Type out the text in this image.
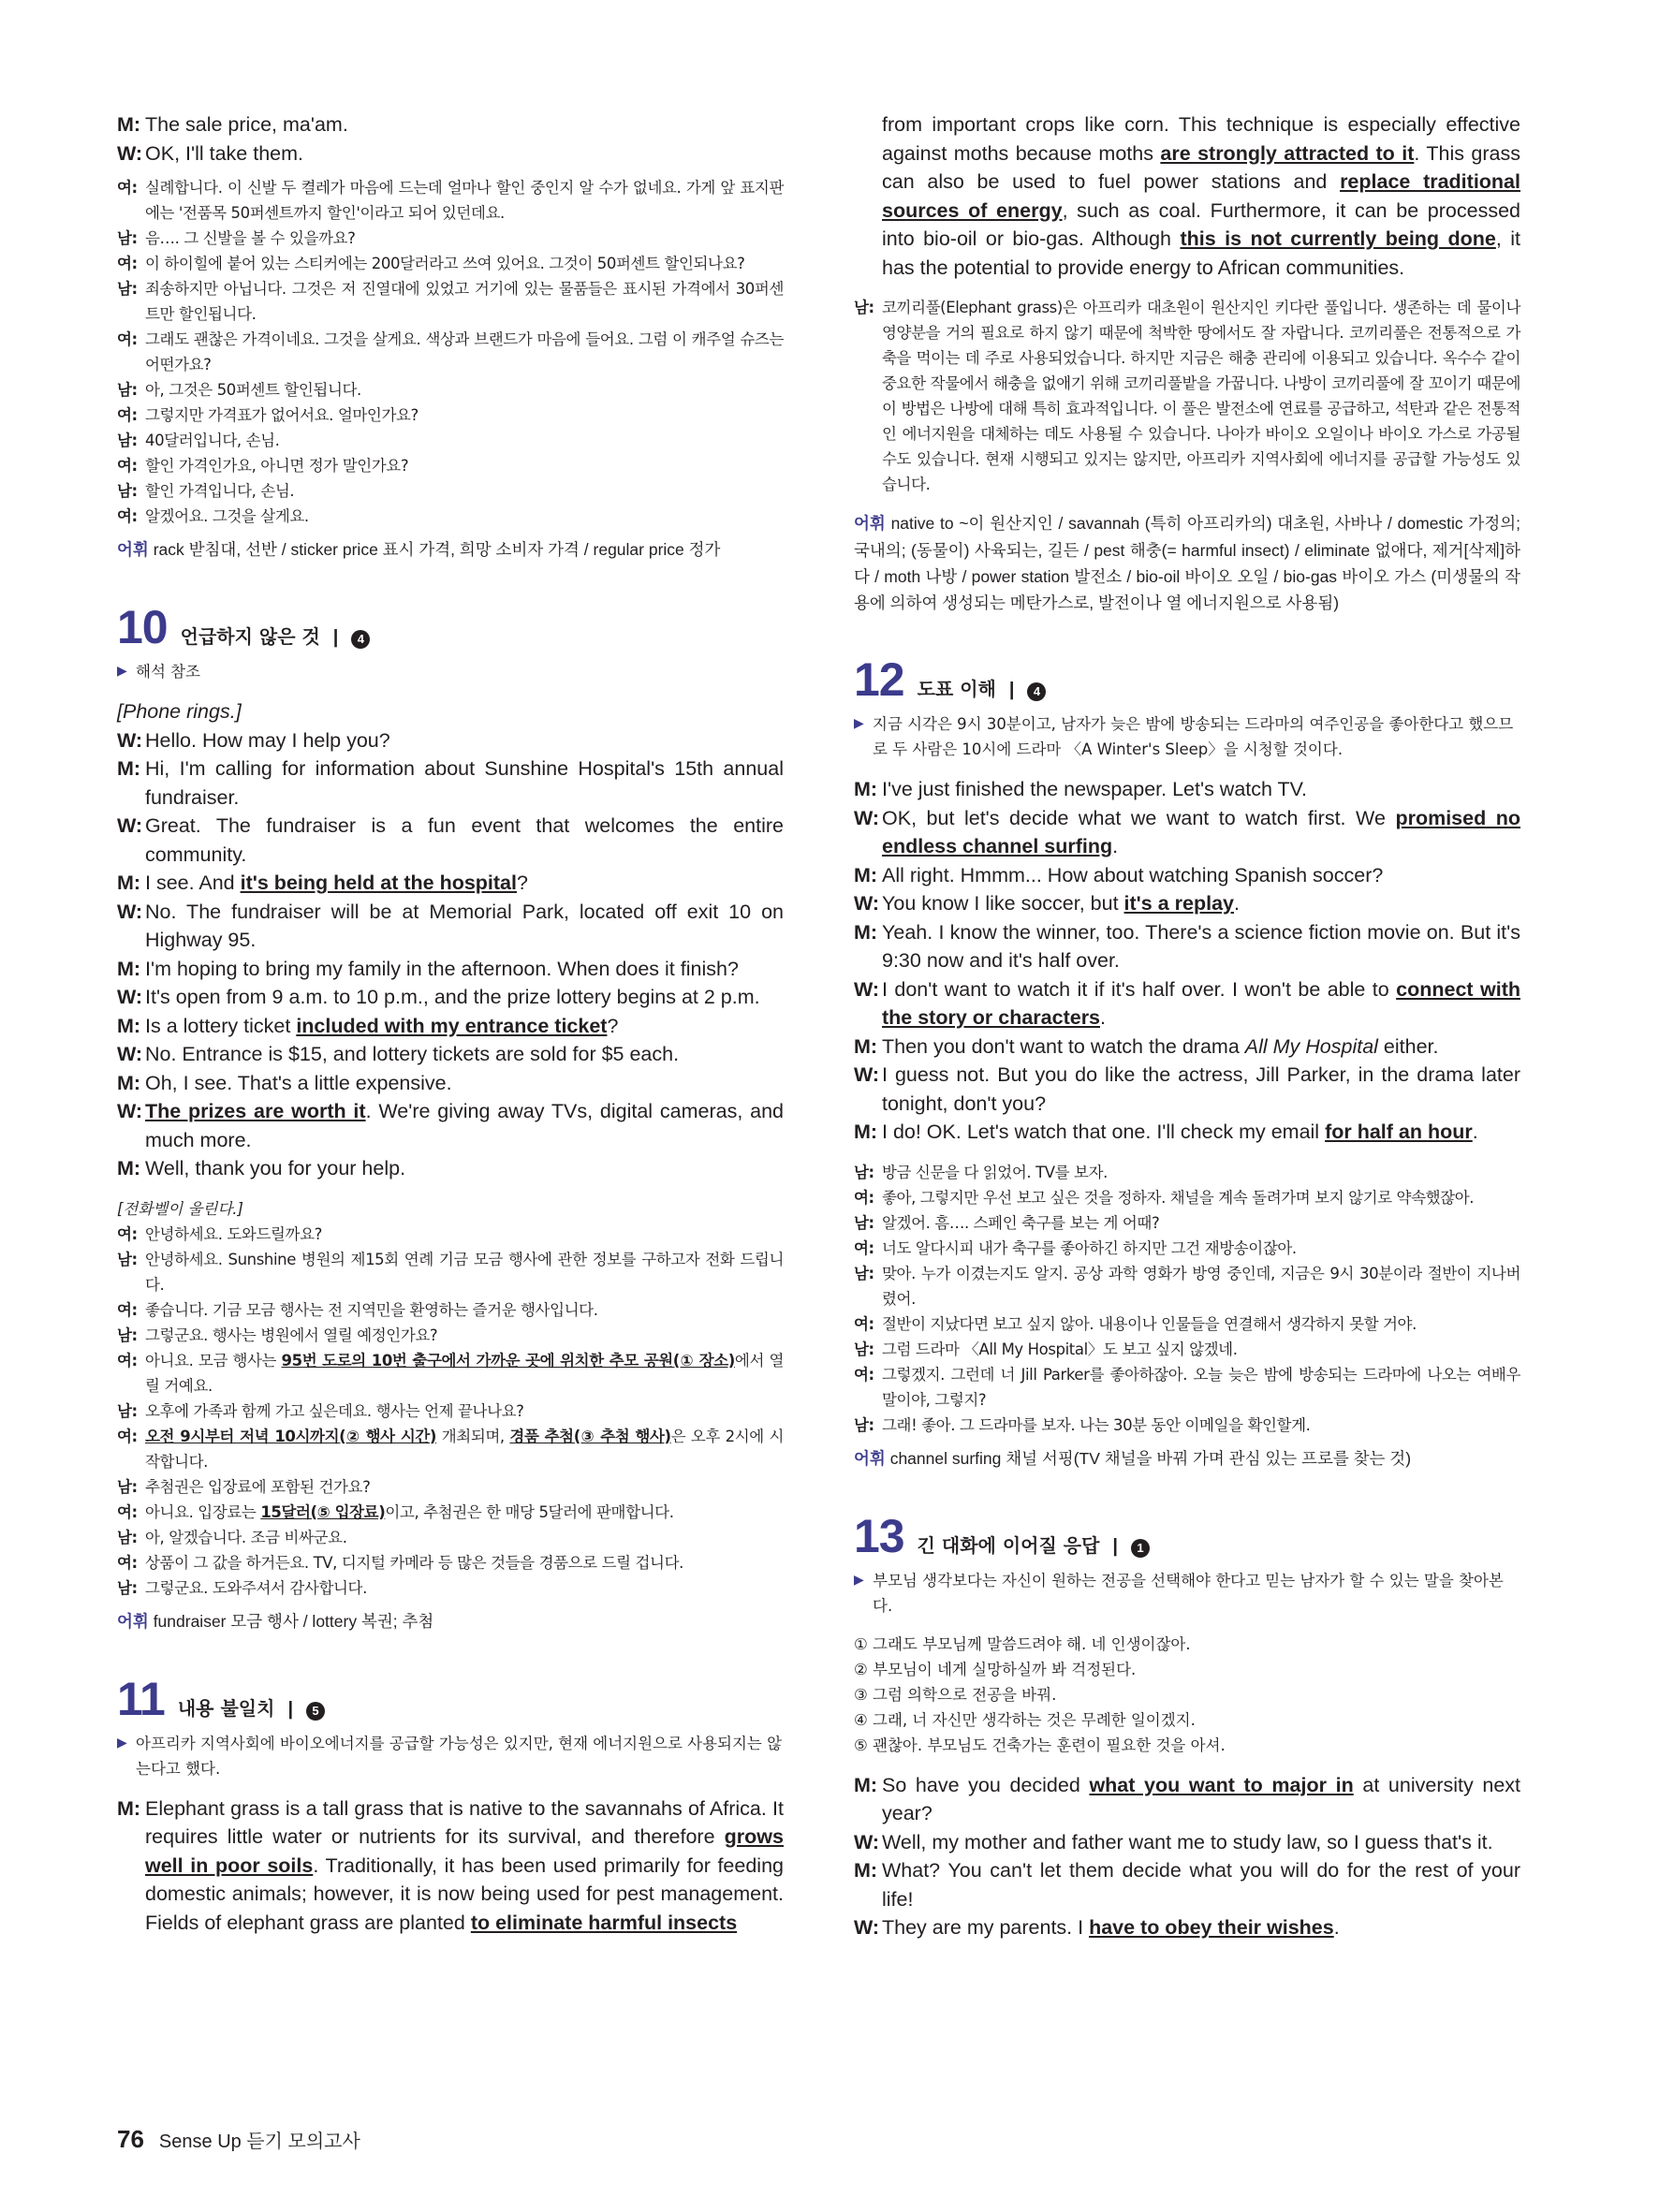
M: The sale price, ma'am.
W: OK, I'll take them.
여: 실례합니다. 이 신발 두 켤레가 마음에 드는데 얼마나 할인 중인지 알 수가 없네요. 가게 앞 표지판에는 '전품목 50퍼센트까지 할인'이라고 되어 있던데요.
남: 음…. 그 신발을 볼 수 있을까요?
여: 이 하이힐에 붙어 있는 스티커에는 200달러라고 쓰여 있어요. 그것이 50퍼센트 할인되나요?
남: 죄송하지만 아닙니다. 그것은 저 진열대에 있었고 거기에 있는 물품들은 표시된 가격에서 30퍼센트만 할인됩니다.
여: 그래도 괜찮은 가격이네요. 그것을 살게요. 색상과 브랜드가 마음에 들어요. 그럼 이 캐주얼 슈즈는 어떤가요?
남: 아, 그것은 50퍼센트 할인됩니다.
여: 그렇지만 가격표가 없어서요. 얼마인가요?
남: 40달러입니다, 손님.
여: 할인 가격인가요, 아니면 정가 말인가요?
남: 할인 가격입니다, 손님.
여: 알겠어요. 그것을 살게요.
어휘 rack 받침대, 선반 / sticker price 표시 가격, 희망 소비자 가격 / regular price 정가
10 언급하지 않은 것 |	4
▶ 해석 참조
[Phone rings.]
W: Hello. How may I help you?
M: Hi, I'm calling for information about Sunshine Hospital's 15th annual fundraiser.
W: Great. The fundraiser is a fun event that welcomes the entire community.
M: I see. And it's being held at the hospital?
W: No. The fundraiser will be at Memorial Park, located off exit 10 on Highway 95.
M: I'm hoping to bring my family in the afternoon. When does it finish?
W: It's open from 9 a.m. to 10 p.m., and the prize lottery begins at 2 p.m.
M: Is a lottery ticket included with my entrance ticket?
W: No. Entrance is $15, and lottery tickets are sold for $5 each.
M: Oh, I see. That's a little expensive.
W: The prizes are worth it. We're giving away TVs, digital cameras, and much more.
M: Well, thank you for your help.
[전화벨이 울린다.]
여: 안녕하세요. 도와드릴까요?
남: 안녕하세요. Sunshine 병원의 제15회 연례 기금 모금 행사에 관한 정보를 구하고자 전화 드립니다.
여: 좋습니다. 기금 모금 행사는 전 지역민을 환영하는 즐거운 행사입니다.
남: 그렇군요. 행사는 병원에서 열릴 예정인가요?
여: 아니요. 모금 행사는 95번 도로의 10번 출구에서 가까운 곳에 위치한 추모 공원(① 장소)에서 열릴 거예요.
남: 오후에 가족과 함께 가고 싶은데요. 행사는 언제 끝나나요?
여: 오전 9시부터 저녁 10시까지(② 행사 시간) 개최되며, 경품 추첨(③ 추첨 행사)은 오후 2시에 시작합니다.
남: 추첨권은 입장료에 포함된 건가요?
여: 아니요. 입장료는 15달러(⑤ 입장료)이고, 추첨권은 한 매당 5달러에 판매합니다.
남: 아, 알겠습니다. 조금 비싸군요.
여: 상품이 그 값을 하거든요. TV, 디지털 카메라 등 많은 것들을 경품으로 드릴 겁니다.
남: 그렇군요. 도와주셔서 감사합니다.
어휘 fundraiser 모금 행사 / lottery 복권; 추첨
11 내용 불일치 |	5
▶ 아프리카 지역사회에 바이오에너지를 공급할 가능성은 있지만, 현재 에너지원으로 사용되지는 않는다고 했다.
M: Elephant grass is a tall grass that is native to the savannahs of Africa. It requires little water or nutrients for its survival, and therefore grows well in poor soils. Traditionally, it has been used primarily for feeding domestic animals; however, it is now being used for pest management. Fields of elephant grass are planted to eliminate harmful insects
from important crops like corn. This technique is especially effective against moths because moths are strongly attracted to it. This grass can also be used to fuel power stations and replace traditional sources of energy, such as coal. Furthermore, it can be processed into bio-oil or bio-gas. Although this is not currently being done, it has the potential to provide energy to African communities.
남: 코끼리풀(Elephant grass)은 아프리카 대초원이 원산지인 키다란 풀입니다. 생존하는 데 물이나 영양분을 거의 필요로 하지 않기 때문에 척박한 땅에서도 잘 자랍니다. 코끼리풀은 전통적으로 가축을 먹이는 데 주로 사용되었습니다. 하지만 지금은 해충 관리에 이용되고 있습니다. 옥수수 같이 중요한 작물에서 해충을 없애기 위해 코끼리풀밭을 가꿉니다. 나방이 코끼리풀에 잘 꼬이기 때문에 이 방법은 나방에 대해 특히 효과적입니다. 이 풀은 발전소에 연료를 공급하고, 석탄과 같은 전통적인 에너지원을 대체하는 데도 사용될 수 있습니다. 나아가 바이오 오일이나 바이오 가스로 가공될 수도 있습니다. 현재 시행되고 있지는 않지만, 아프리카 지역사회에 에너지를 공급할 가능성도 있습니다.
어휘 native to ~이 원산지인 / savannah (특히 아프리카의) 대초원, 사바나 / domestic 가정의; 국내의; (동물이) 사육되는, 길든 / pest 해충(= harmful insect) / eliminate 없애다, 제거[삭제]하다 / moth 나방 / power station 발전소 / bio-oil 바이오 오일 / bio-gas 바이오 가스 (미생물의 작용에 의하여 생성되는 메탄가스로, 발전이나 열 에너지원으로 사용됨)
12 도표 이해 |	4
▶ 지금 시각은 9시 30분이고, 남자가 늦은 밤에 방송되는 드라마의 여주인공을 좋아한다고 했으므로 두 사람은 10시에 드라마 〈A Winter's Sleep〉을 시청할 것이다.
M: I've just finished the newspaper. Let's watch TV.
W: OK, but let's decide what we want to watch first. We promised no endless channel surfing.
M: All right. Hmmm... How about watching Spanish soccer?
W: You know I like soccer, but it's a replay.
M: Yeah. I know the winner, too. There's a science fiction movie on. But it's 9:30 now and it's half over.
W: I don't want to watch it if it's half over. I won't be able to connect with the story or characters.
M: Then you don't want to watch the drama All My Hospital either.
W: I guess not. But you do like the actress, Jill Parker, in the drama later tonight, don't you?
M: I do! OK. Let's watch that one. I'll check my email for half an hour.
남: 방금 신문을 다 읽었어. TV를 보자.
여: 좋아, 그렇지만 우선 보고 싶은 것을 정하자. 채널을 계속 돌려가며 보지 않기로 약속했잖아.
남: 알겠어. 흠…. 스페인 축구를 보는 게 어때?
여: 너도 알다시피 내가 축구를 좋아하긴 하지만 그건 재방송이잖아.
남: 맞아. 누가 이겼는지도 알지. 공상 과학 영화가 방영 중인데, 지금은 9시 30분이라 절반이 지나버렸어.
여: 절반이 지났다면 보고 싶지 않아. 내용이나 인물들을 연결해서 생각하지 못할 거야.
남: 그럼 드라마 〈All My Hospital〉도 보고 싶지 않겠네.
여: 그렇겠지. 그런데 너 Jill Parker를 좋아하잖아. 오늘 늦은 밤에 방송되는 드라마에 나오는 여배우 말이야, 그렇지?
남: 그래! 좋아. 그 드라마를 보자. 나는 30분 동안 이메일을 확인할게.
어휘 channel surfing 채널 서핑(TV 채널을 바꿔 가며 관심 있는 프로를 찾는 것)
13 긴 대화에 이어질 응답 |	1
▶ 부모님 생각보다는 자신이 원하는 전공을 선택해야 한다고 믿는 남자가 할 수 있는 말을 찾아본다.
① 그래도 부모님께 말씀드려야 해. 네 인생이잖아.
② 부모님이 네게 실망하실까 봐 걱정된다.
③ 그럼 의학으로 전공을 바꿔.
④ 그래, 너 자신만 생각하는 것은 무례한 일이겠지.
⑤ 괜찮아. 부모님도 건축가는 훈련이 필요한 것을 아셔.
M: So have you decided what you want to major in at university next year?
W: Well, my mother and father want me to study law, so I guess that's it.
M: What? You can't let them decide what you will do for the rest of your life!
W: They are my parents. I have to obey their wishes.
76 Sense Up 듣기 모의고사
